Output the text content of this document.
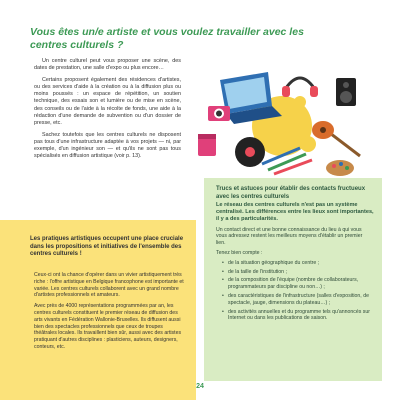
Vous êtes un/e artiste et vous voulez travailler avec les centres culturels ?

Un centre culturel peut vous proposer une scène, des dates de prestation, une salle d'expo ou plus encore…

Certains proposent également des résidences d'artistes, ou des services d'aide à la création ou à la diffusion plus ou moins poussés : un espace de répétition, un soutien technique, des essais son et lumière ou de mise en scène, des conseils ou de l'aide à la récolte de fonds, une aide à la rédaction d'une demande de subvention ou d'un dossier de presse, etc.

Sachez toutefois que les centres culturels ne disposent pas tous d'une infrastructure adaptée à vos projets — ni, par exemple, d'un ingénieur son — et qu'ils ne sont pas tous spécialisés en diffusion artistique (voir p. 13).

Trucs et astuces pour établir des contacts fructueux avec les centres culturels
Le réseau des centres culturels n'est pas un système centralisé. Les différences entre les lieux sont importantes, il y a des particularités.

Un contact direct et une bonne connaissance du lieu à qui vous vous adressez restent les meilleurs moyens d'établir un premier lien.

Tenez bien compte :

• de la situation géographique du centre ;
• de la taille de l'institution ;
• de la composition de l'équipe (nombre de collaborateurs, programmateurs par discipline ou non…) ;
• des caractéristiques de l'infrastructure (salles d'exposition, de spectacle, jauge, dimensions du plateau…) ;
• des activités annuelles et du programme tels qu'annoncés sur Internet ou dans les publications de saison.
Les pratiques artistiques occupent une place cruciale dans les propositions et initiatives de l'ensemble des centres culturels !

Ceux-ci ont la chance d'opérer dans un vivier artistiquement très riche : l'offre artistique en Belgique francophone est importante et variée. Les centres culturels collaborent avec un grand nombre d'artistes professionnels et amateurs.

Avec près de 4000 représentations programmées par an, les centres culturels constituent le premier réseau de diffusion des arts vivants en Fédération Wallonie-Bruxelles. Ils diffusent aussi bien des spectacles professionnels que ceux de troupes théâtrales locales. Ils travaillent bien sûr, aussi avec des artistes pratiquant d'autres disciplines : plasticiens, auteurs, designers, conteurs, etc.

24
